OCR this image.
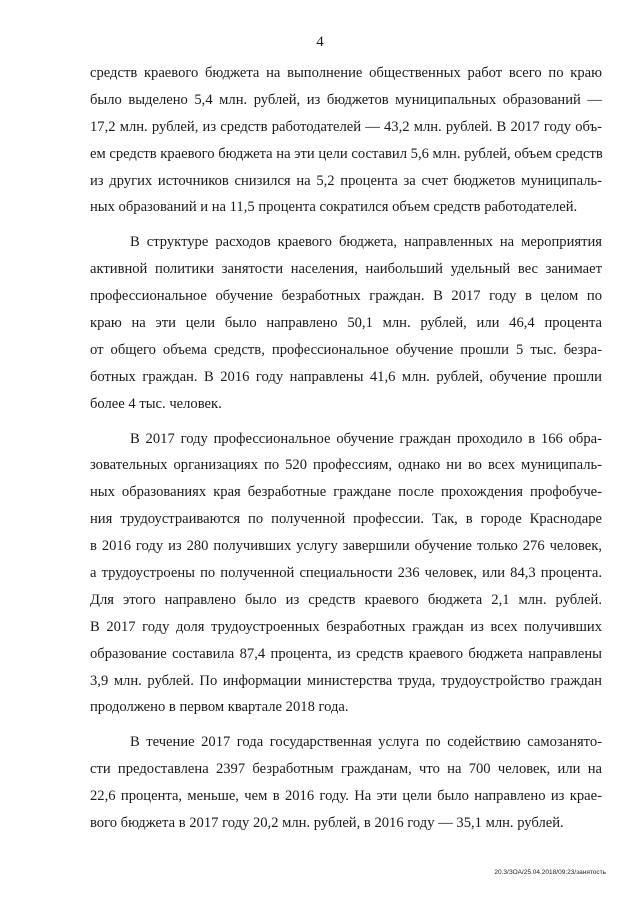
4
средств краевого бюджета на выполнение общественных работ всего по краю
было выделено 5,4 млн. рублей, из бюджетов муниципальных образований —
17,2 млн. рублей, из средств работодателей — 43,2 млн. рублей. В 2017 году объ-
ем средств краевого бюджета на эти цели составил 5,6 млн. рублей, объем средств
из других источников снизился на 5,2 процента за счет бюджетов муниципаль-
ных образований и на 11,5 процента сократился объем средств работодателей.
В структуре расходов краевого бюджета, направленных на мероприятия
активной политики занятости населения, наибольший удельный вес занимает
профессиональное обучение безработных граждан. В 2017 году в целом по
краю на эти цели было направлено 50,1 млн. рублей, или 46,4 процента
от общего объема средств, профессиональное обучение прошли 5 тыс. безра-
ботных граждан. В 2016 году направлены 41,6 млн. рублей, обучение прошли
более 4 тыс. человек.
В 2017 году профессиональное обучение граждан проходило в 166 обра-
зовательных организациях по 520 профессиям, однако ни во всех муниципаль-
ных образованиях края безработные граждане после прохождения профобуче-
ния трудоустраиваются по полученной профессии. Так, в городе Краснодаре
в 2016 году из 280 получивших услугу завершили обучение только 276 человек,
а трудоустроены по полученной специальности 236 человек, или 84,3 процента.
Для этого направлено было из средств краевого бюджета 2,1 млн. рублей.
В 2017 году доля трудоустроенных безработных граждан из всех получивших
образование составила 87,4 процента, из средств краевого бюджета направлены
3,9 млн. рублей. По информации министерства труда, трудоустройство граждан
продолжено в первом квартале 2018 года.
В течение 2017 года государственная услуга по содействию самозанято-
сти предоставлена 2397 безработным гражданам, что на 700 человек, или на
22,6 процента, меньше, чем в 2016 году. На эти цели было направлено из крае-
вого бюджета в 2017 году 20,2 млн. рублей, в 2016 году — 35,1 млн. рублей.
20.3/ЗОА/25.04.2018/09:23/занятость
